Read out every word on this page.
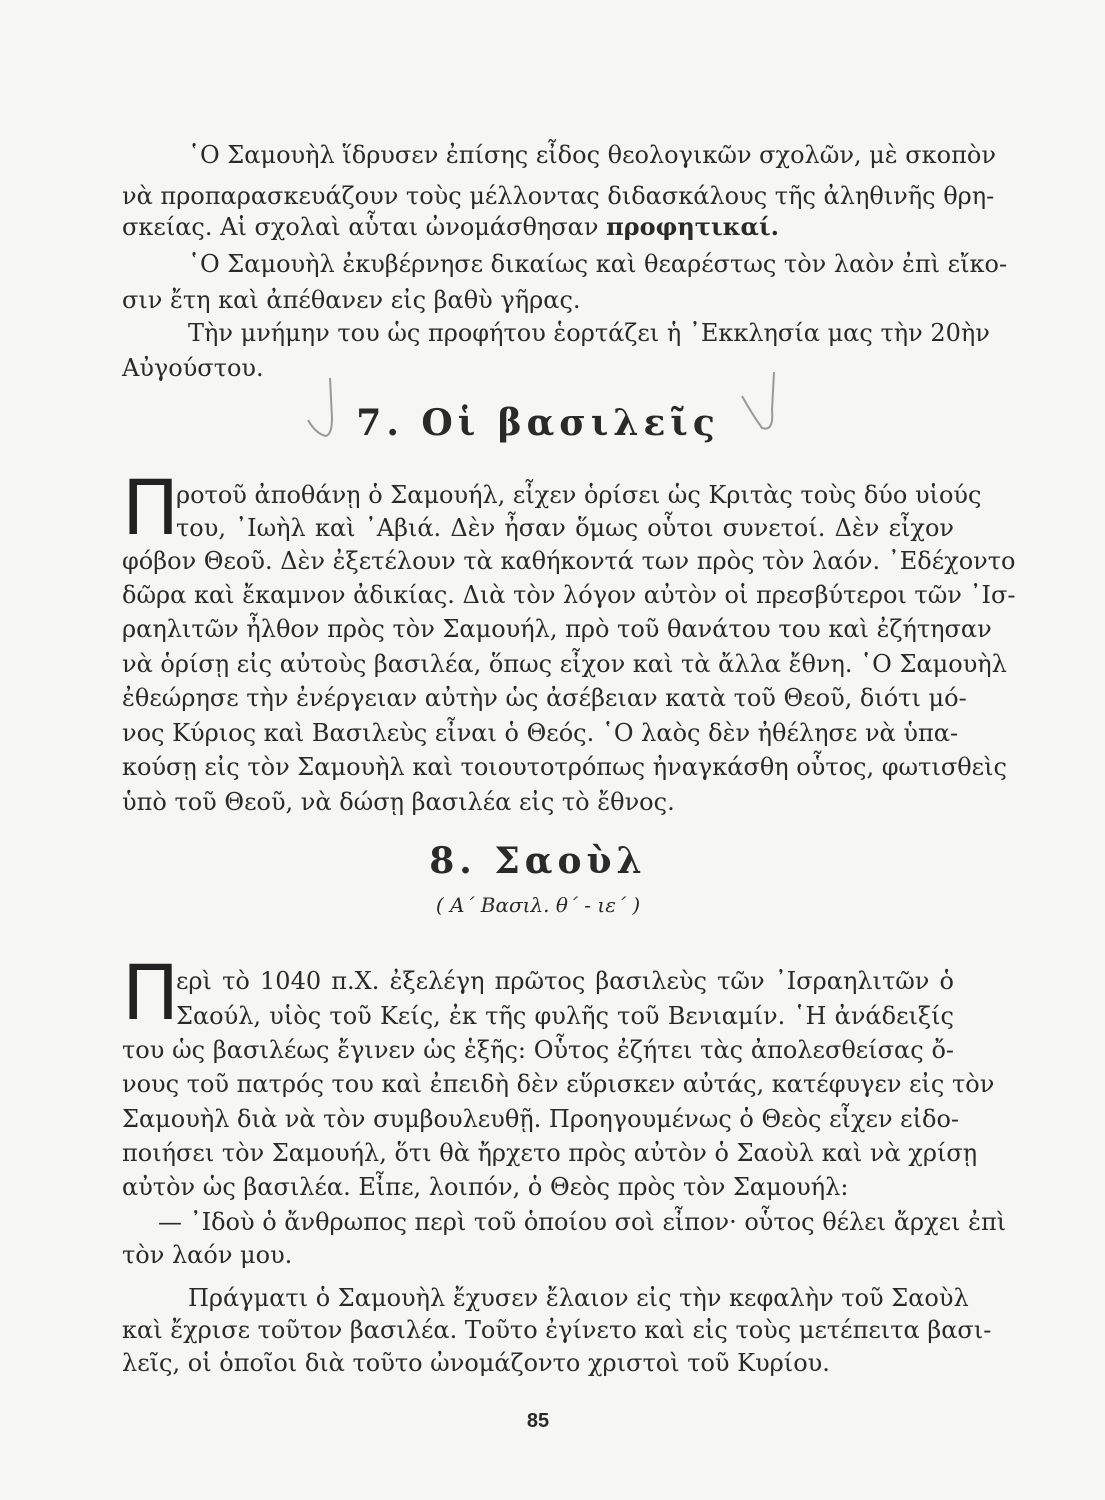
῾Ο Σαμουὴλ ἵδρυσεν ἐπίσης εἶδος θεολογικῶν σχολῶν, μὲ σκοπὸν
νὰ προπαρασκευάζουν τοὺς μέλλοντας διδασκάλους τῆς ἀληθινῆς θρη-
σκείας. Αἱ σχολαὶ αὗται ὠνομάσθησαν προφητικαί.
῾Ο Σαμουὴλ ἐκυβέρνησε δικαίως καὶ θεαρέστως τὸν λαὸν ἐπὶ εἴκο-
σιν ἔτη καὶ ἀπέθανεν εἰς βαθὺ γῆρας.
Τὴν μνήμην του ὡς προφήτου ἑορτάζει ἡ ᾿Εκκλησία μας τὴν 20ὴν
Αὐγούστου.
7. Οἱ βασιλεῖς
Π
ροτοῦ ἀποθάνῃ ὁ Σαμουήλ, εἶχεν ὁρίσει ὡς Κριτὰς τοὺς δύο υἱούς
του, ᾿Ιωὴλ καὶ ᾿Αβιά. Δὲν ἦσαν ὅμως οὗτοι συνετοί. Δὲν εἶχον
φόβον Θεοῦ. Δὲν ἐξετέλουν τὰ καθήκοντά των πρὸς τὸν λαόν. ᾿Εδέχοντο
δῶρα καὶ ἔκαμνον ἀδικίας. Διὰ τὸν λόγον αὐτὸν οἱ πρεσβύτεροι τῶν ᾿Ισ-
ραηλιτῶν ἦλθον πρὸς τὸν Σαμουήλ, πρὸ τοῦ θανάτου του καὶ ἐζήτησαν
νὰ ὁρίσῃ εἰς αὐτοὺς βασιλέα, ὅπως εἶχον καὶ τὰ ἄλλα ἔθνη. ῾Ο Σαμουὴλ
ἐθεώρησε τὴν ἐνέργειαν αὐτὴν ὡς ἀσέβειαν κατὰ τοῦ Θεοῦ, διότι μό-
νος Κύριος καὶ Βασιλεὺς εἶναι ὁ Θεός. ῾Ο λαὸς δὲν ἠθέλησε νὰ ὑπα-
κούσῃ εἰς τὸν Σαμουὴλ καὶ τοιουτοτρόπως ἠναγκάσθη οὗτος, φωτισθεὶς
ὑπὸ τοῦ Θεοῦ, νὰ δώσῃ βασιλέα εἰς τὸ ἔθνος.
8. Σαοὺλ
( Α΄ Βασιλ. θ΄ - ιε΄ )
Π
ερὶ τὸ 1040 π.Χ. ἐξελέγη πρῶτος βασιλεὺς τῶν ᾿Ισραηλιτῶν ὁ
Σαούλ, υἱὸς τοῦ Κείς, ἐκ τῆς φυλῆς τοῦ Βενιαμίν. ῾Η ἀνάδειξίς
του ὡς βασιλέως ἔγινεν ὡς ἑξῆς: Οὗτος ἐζήτει τὰς ἀπολεσθείσας ὄ-
νους τοῦ πατρός του καὶ ἐπειδὴ δὲν εὕρισκεν αὐτάς, κατέφυγεν εἰς τὸν
Σαμουὴλ διὰ νὰ τὸν συμβουλευθῇ. Προηγουμένως ὁ Θεὸς εἶχεν εἰδο-
ποιήσει τὸν Σαμουήλ, ὅτι θὰ ἤρχετο πρὸς αὐτὸν ὁ Σαοὺλ καὶ νὰ χρίσῃ
αὐτὸν ὡς βασιλέα. Εἶπε, λοιπόν, ὁ Θεὸς πρὸς τὸν Σαμουήλ:
— ᾿Ιδοὺ ὁ ἄνθρωπος περὶ τοῦ ὁποίου σοὶ εἶπον· οὗτος θέλει ἄρχει ἐπὶ
τὸν λαόν μου.
Πράγματι ὁ Σαμουὴλ ἔχυσεν ἔλαιον εἰς τὴν κεφαλὴν τοῦ Σαοὺλ
καὶ ἔχρισε τοῦτον βασιλέα. Τοῦτο ἐγίνετο καὶ εἰς τοὺς μετέπειτα βασι-
λεῖς, οἱ ὁποῖοι διὰ τοῦτο ὠνομάζοντο χριστοὶ τοῦ Κυρίου.
85
